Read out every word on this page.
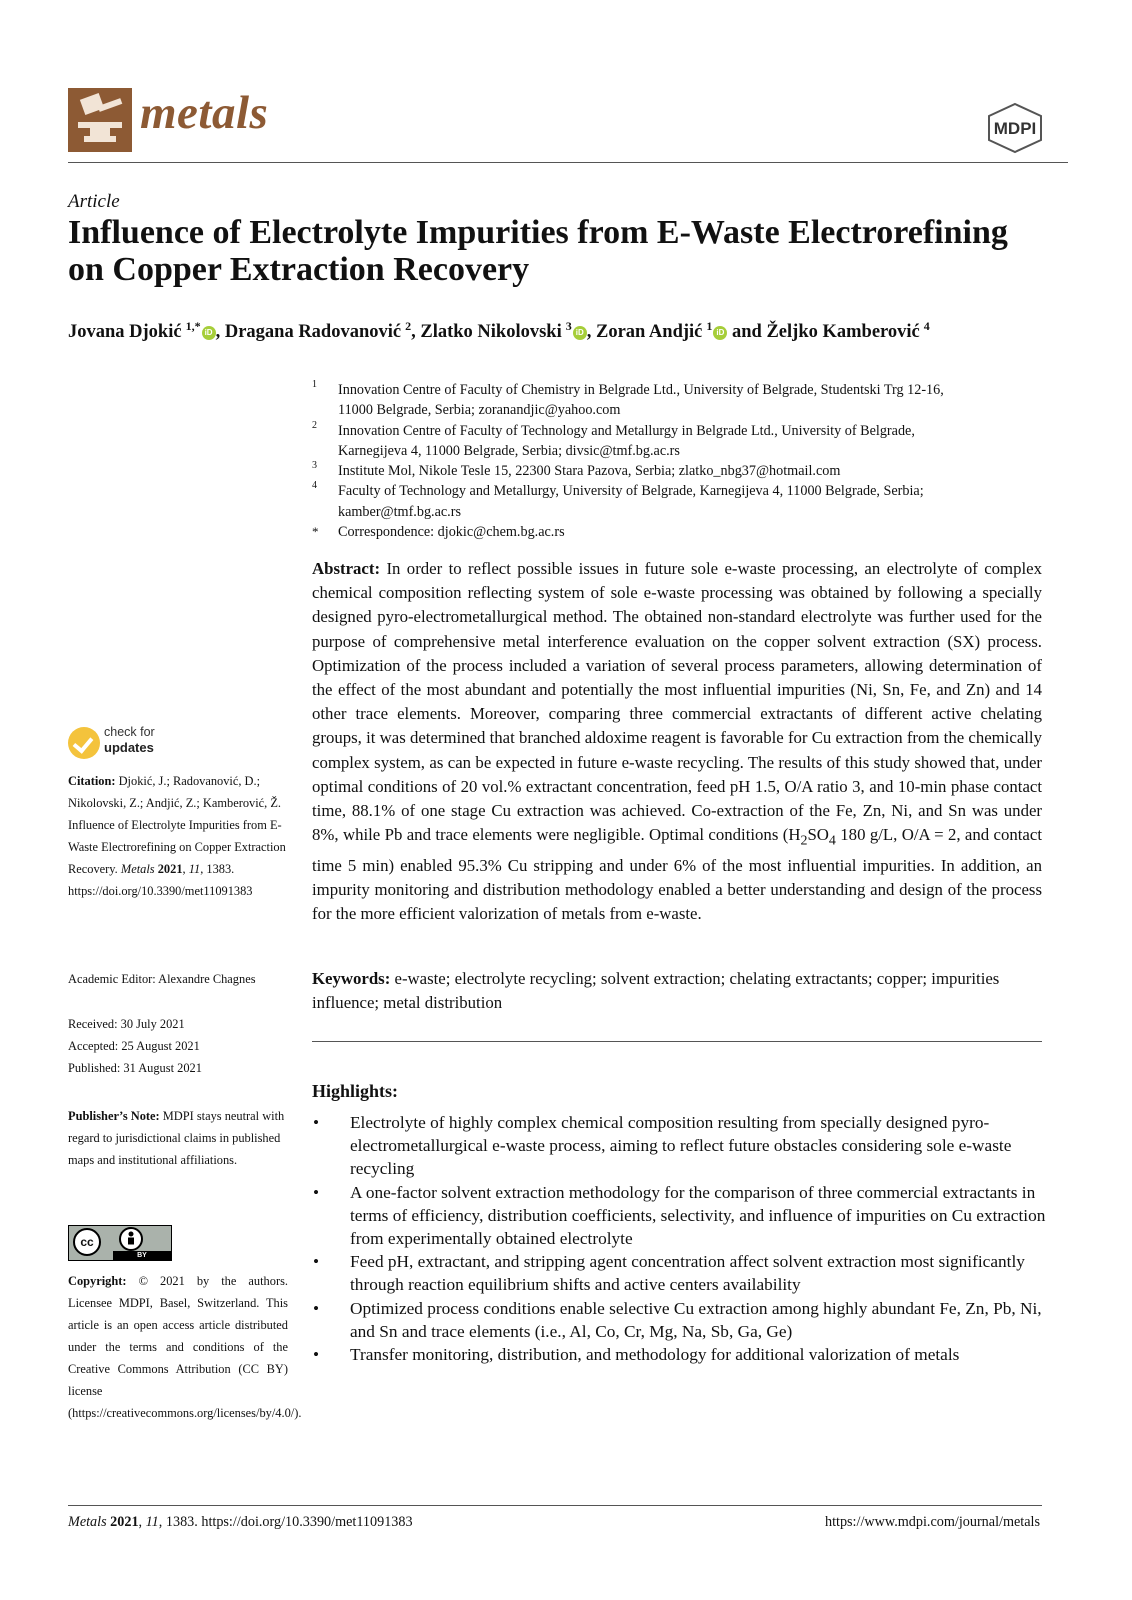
metals	MDPI
Article
Influence of Electrolyte Impurities from E-Waste Electrorefining
on Copper Extraction Recovery
Jovana Djokić $^{1,*}$ iD , Dragana Radovanović $^2$, Zlatko Nikolovski $^3$ iD , Zoran Andjić $^1$ iD and Željko Kamberović $^4$
1 Innovation Centre of Faculty of Chemistry in Belgrade Ltd., University of Belgrade, Studentski Trg 12-16,
11000 Belgrade, Serbia; zoranandjic@yahoo.com
2 Innovation Centre of Faculty of Technology and Metallurgy in Belgrade Ltd., University of Belgrade,
Karnegijeva 4, 11000 Belgrade, Serbia; divsic@tmf.bg.ac.rs
3 Institute Mol, Nikole Tesle 15, 22300 Stara Pazova, Serbia; zlatko_nbg37@hotmail.com
4 Faculty of Technology and Metallurgy, University of Belgrade, Karnegijeva 4, 11000 Belgrade, Serbia;
kamber@tmf.bg.ac.rs
* Correspondence: djokic@chem.bg.ac.rs
Abstract: In order to reflect possible issues in future sole e-waste processing, an electrolyte of complex chemical composition reflecting system of sole e-waste processing was obtained by following a specially designed pyro-electrometallurgical method. The obtained non-standard electrolyte was further used for the purpose of comprehensive metal interference evaluation on the copper solvent extraction (SX) process. Optimization of the process included a variation of several process parameters, allowing determination of the effect of the most abundant and potentially the most influential impurities (Ni, Sn, Fe, and Zn) and 14 other trace elements. Moreover, comparing three commercial extractants of different active chelating groups, it was determined that branched aldoxime reagent is favorable for Cu extraction from the chemically complex system, as can be expected in future e-waste recycling. The results of this study showed that, under optimal conditions of 20 vol.% extractant concentration, feed pH 1.5, O/A ratio 3, and 10-min phase contact time, 88.1% of one stage Cu extraction was achieved. Co-extraction of the Fe, Zn, Ni, and Sn was under 8%, while Pb and trace elements were negligible. Optimal conditions ($H_2SO_4$ 180 g/L, O/A = 2, and contact time 5 min) enabled 95.3% Cu stripping and under 6% of the most influential impurities. In addition, an impurity monitoring and distribution methodology enabled a better understanding and design of the process for the more efficient valorization of metals from e-waste.
Keywords: e-waste; electrolyte recycling; solvent extraction; chelating extractants; copper; impurities influence; metal distribution
Highlights:
• Electrolyte of highly complex chemical composition resulting from specially designed pyro-electrometallurgical e-waste process, aiming to reflect future obstacles considering sole e-waste recycling
• A one-factor solvent extraction methodology for the comparison of three commercial extractants in terms of efficiency, distribution coefficients, selectivity, and influence of impurities on Cu extraction from experimentally obtained electrolyte
• Feed pH, extractant, and stripping agent concentration affect solvent extraction most significantly through reaction equilibrium shifts and active centers availability
• Optimized process conditions enable selective Cu extraction among highly abundant Fe, Zn, Pb, Ni, and Sn and trace elements (i.e., Al, Co, Cr, Mg, Na, Sb, Ga, Ge)
• Transfer monitoring, distribution, and methodology for additional valorization of metals
check for
updates
Citation: Djokić, J.; Radovanović, D.; Nikolovski, Z.; Andjić, Z.; Kamberović, Ž. Influence of Electrolyte Impurities from E-Waste Electrorefining on Copper Extraction Recovery. Metals 2021, 11, 1383. https://doi.org/10.3390/met11091383
Academic Editor: Alexandre Chagnes
Received: 30 July 2021
Accepted: 25 August 2021
Published: 31 August 2021
Publisher’s Note: MDPI stays neutral with regard to jurisdictional claims in published maps and institutional affiliations.
cc
BY
Copyright: © 2021 by the authors. Licensee MDPI, Basel, Switzerland. This article is an open access article distributed under the terms and conditions of the Creative Commons Attribution (CC BY) license (https://creativecommons.org/licenses/by/4.0/).
Metals 2021, 11, 1383. https://doi.org/10.3390/met11091383	https://www.mdpi.com/journal/metals
